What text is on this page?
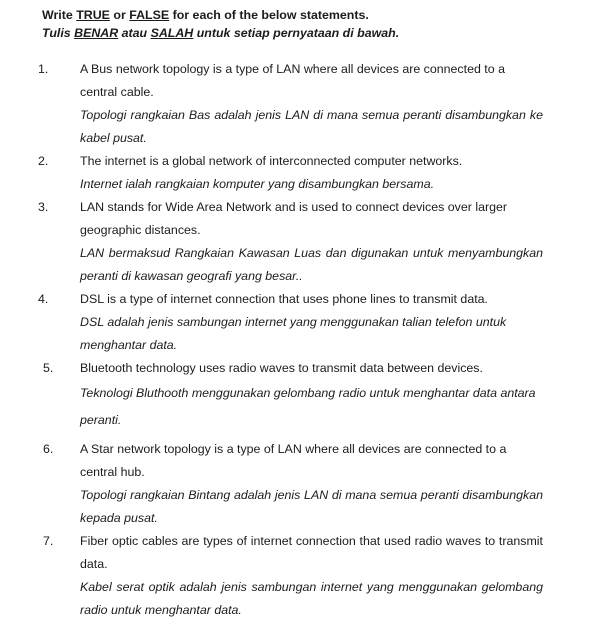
Write TRUE or FALSE for each of the below statements.
Tulis BENAR atau SALAH untuk setiap pernyataan di bawah.
1.	A Bus network topology is a type of LAN where all devices are connected to a central cable.

Topologi rangkaian Bas adalah jenis LAN di mana semua peranti disambungkan ke kabel pusat.

2.	The internet is a global network of interconnected computer networks.

Internet ialah rangkaian komputer yang disambungkan bersama.

3.	LAN stands for Wide Area Network and is used to connect devices over larger geographic distances.

LAN bermaksud Rangkaian Kawasan Luas dan digunakan untuk menyambungkan peranti di kawasan geografi yang besar..

4.	DSL is a type of internet connection that uses phone lines to transmit data.

DSL adalah jenis sambungan internet yang menggunakan talian telefon untuk menghantar data.

5.	Bluetooth technology uses radio waves to transmit data between devices.

Teknologi Bluthooth menggunakan gelombang radio untuk menghantar data antara peranti.

6.	A Star network topology is a type of LAN where all devices are connected to a central hub.

Topologi rangkaian Bintang adalah jenis LAN di mana semua peranti disambungkan kepada pusat.

7.	Fiber optic cables are types of internet connection that used radio waves to transmit data.

Kabel serat optik adalah jenis sambungan internet yang menggunakan gelombang radio untuk menghantar data.
